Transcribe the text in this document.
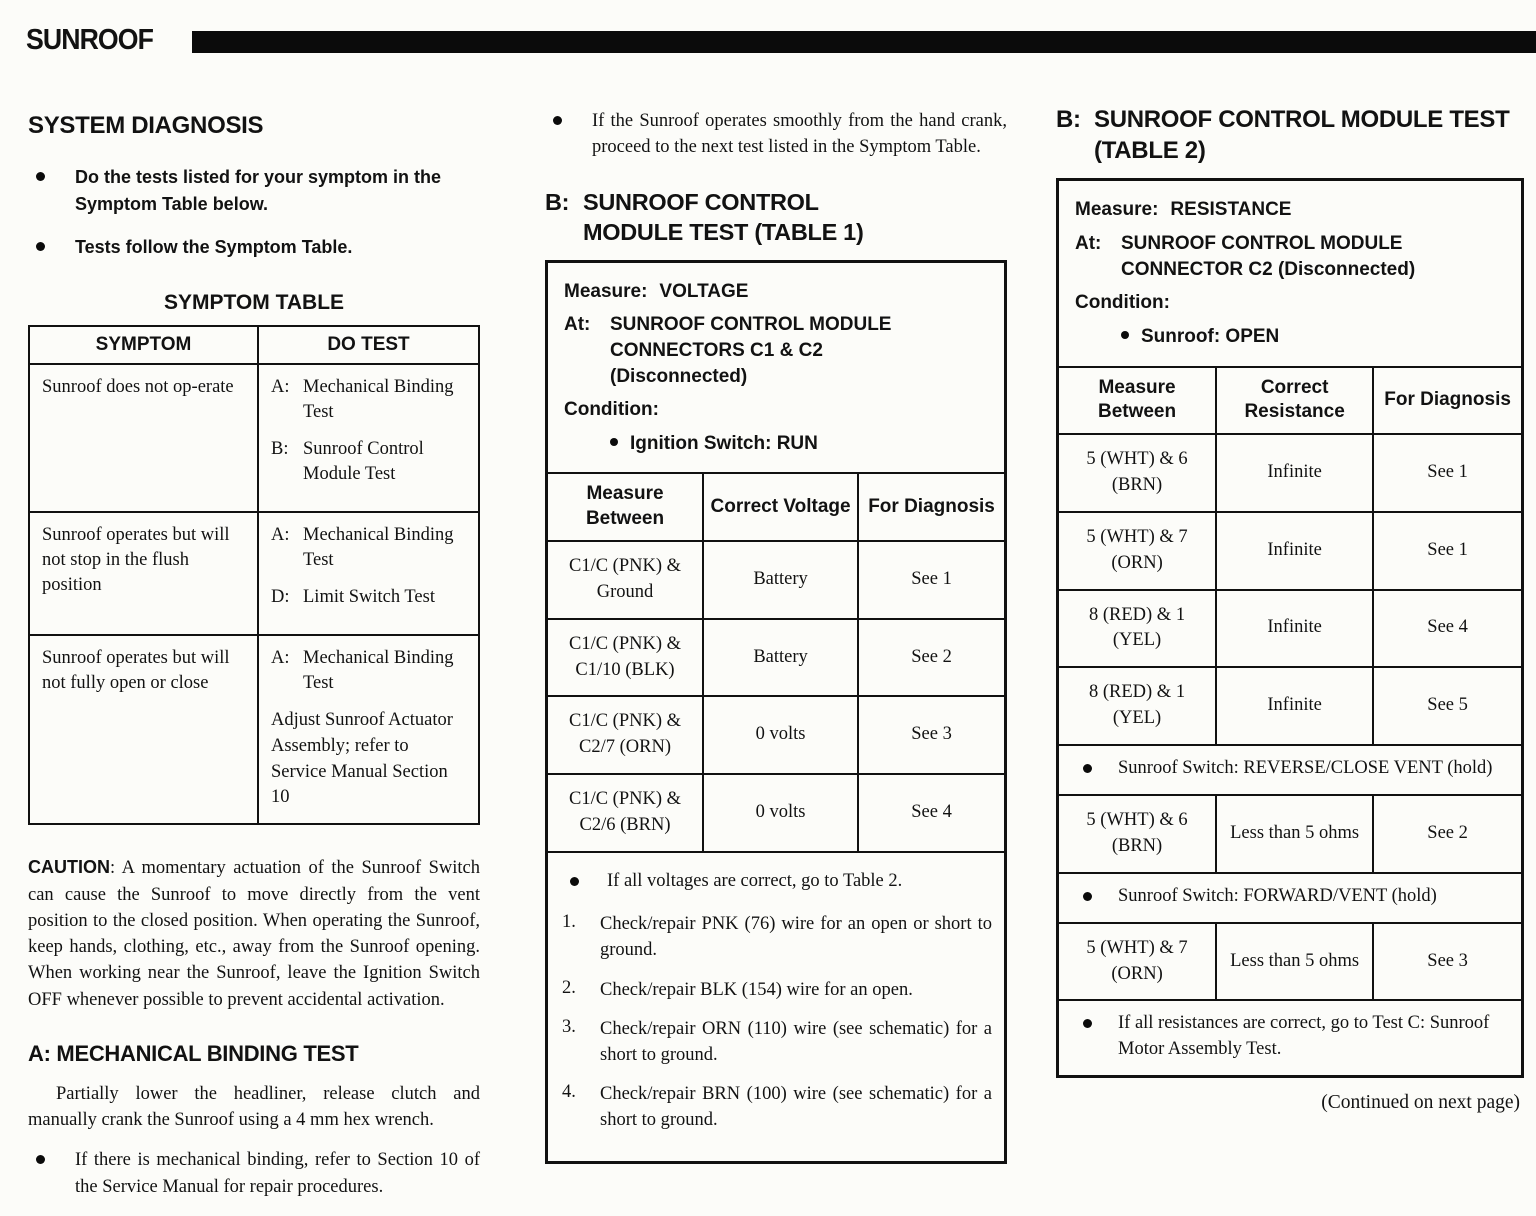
SUNROOF
SYSTEM DIAGNOSIS
Do the tests listed for your symptom in the Symptom Table below.
Tests follow the Symptom Table.
SYMPTOM TABLE
SYMPTOM	DO TEST
Sunroof does not op-erate	A: Mechanical Binding Test
B: Sunroof Control Module Test

Sunroof operates but will not stop in the flush position	A: Mechanical Binding Test
D: Limit Switch Test

Sunroof operates but will not fully open or close	A: Mechanical Binding Test
Adjust Sunroof Actuator Assembly; refer to Service Manual Section 10

CAUTION: A momentary actuation of the Sunroof Switch can cause the Sunroof to move directly from the vent position to the closed position. When operating the Sunroof, keep hands, clothing, etc., away from the Sunroof opening. When working near the Sunroof, leave the Ignition Switch OFF whenever possible to prevent accidental activation.

A: MECHANICAL BINDING TEST

Partially lower the headliner, release clutch and manually crank the Sunroof using a 4 mm hex wrench.

If there is mechanical binding, refer to Section 10 of the Service Manual for repair procedures.
If the Sunroof operates smoothly from the hand crank, proceed to the next test listed in the Symptom Table.
B: SUNROOF CONTROL MODULE TEST (TABLE 1)
Measure: VOLTAGE
At:	SUNROOF CONTROL MODULE CONNECTORS C1 & C2 (Disconnected)
Condition:
Ignition Switch: RUN
Measure Between	Correct Voltage	For Diagnosis
C1/C (PNK) & Ground	Battery	See 1
C1/C (PNK) & C1/10 (BLK)	Battery	See 2
C1/C (PNK) & C2/7 (ORN)	0 volts	See 3
C1/C (PNK) & C2/6 (BRN)	0 volts	See 4
If all voltages are correct, go to Table 2.
1.	Check/repair PNK (76) wire for an open or short to ground.
2.	Check/repair BLK (154) wire for an open.
3.	Check/repair ORN (110) wire (see schematic) for a short to ground.
4.	Check/repair BRN (100) wire (see schematic) for a short to ground.
B: SUNROOF CONTROL MODULE TEST (TABLE 2)
Measure: RESISTANCE
At:	SUNROOF CONTROL MODULE CONNECTOR C2 (Disconnected)
Condition:
Sunroof: OPEN
Measure Between	Correct Resistance	For Diagnosis
5 (WHT) & 6 (BRN)	Infinite	See 1
5 (WHT) & 7 (ORN)	Infinite	See 1
8 (RED) & 1 (YEL)	Infinite	See 4
8 (RED) & 1 (YEL)	Infinite	See 5

Sunroof Switch: REVERSE/CLOSE VENT (hold)		

5 (WHT) & 6 (BRN)	Less than 5 ohms	See 2

Sunroof Switch: FORWARD/VENT (hold)		

5 (WHT) & 7 (ORN)	Less than 5 ohms	See 3

If all resistances are correct, go to Test C: Sunroof Motor Assembly Test.		

(Continued on next page)
